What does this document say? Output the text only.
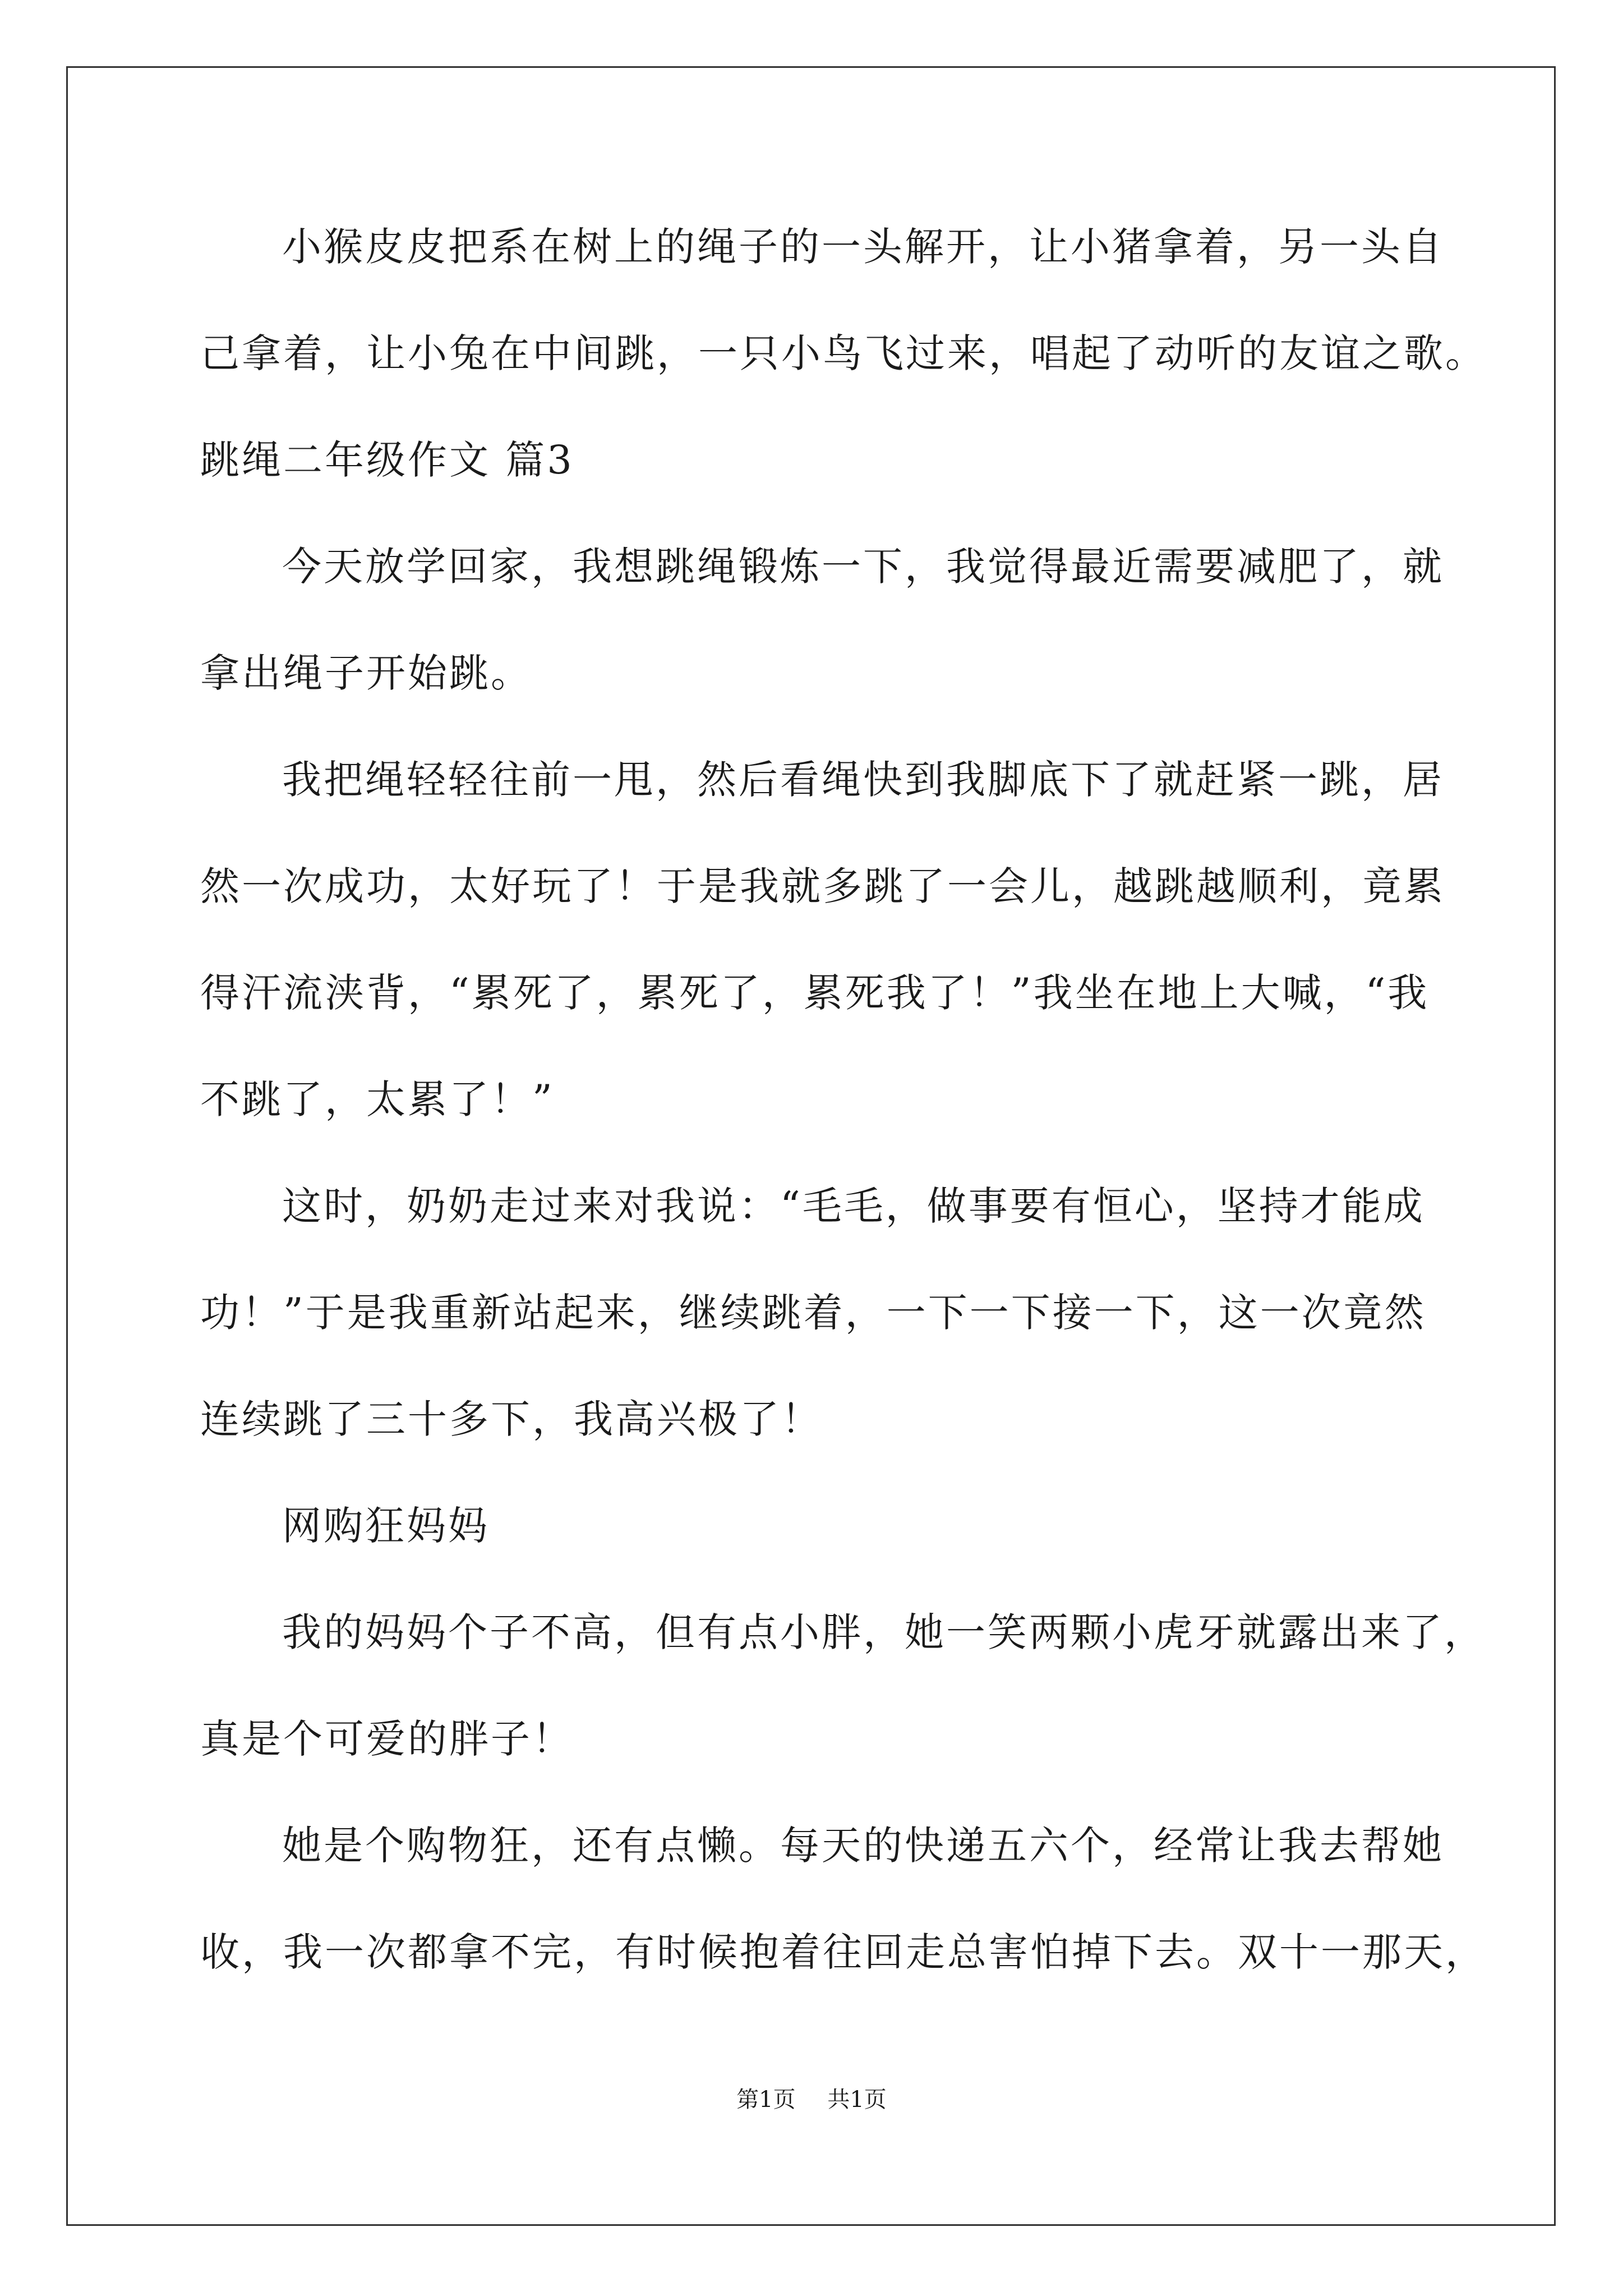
小猴皮皮把系在树上的绳子的一头解开，让小猪拿着，另一头自
己拿着，让小兔在中间跳，一只小鸟飞过来，唱起了动听的友谊之歌。
跳绳二年级作文 篇3
今天放学回家，我想跳绳锻炼一下，我觉得最近需要减肥了，就
拿出绳子开始跳。
我把绳轻轻往前一甩，然后看绳快到我脚底下了就赶紧一跳，居
然一次成功，太好玩了！于是我就多跳了一会儿，越跳越顺利，竟累
得汗流浃背，“累死了，累死了，累死我了！”我坐在地上大喊，“我
不跳了，太累了！”
这时，奶奶走过来对我说：“毛毛，做事要有恒心，坚持才能成
功！”于是我重新站起来，继续跳着，一下一下接一下，这一次竟然
连续跳了三十多下，我高兴极了！
网购狂妈妈
我的妈妈个子不高，但有点小胖，她一笑两颗小虎牙就露出来了，
真是个可爱的胖子！
她是个购物狂，还有点懒。每天的快递五六个，经常让我去帮她
收，我一次都拿不完，有时候抱着往回走总害怕掉下去。双十一那天，
第1页 共1页
